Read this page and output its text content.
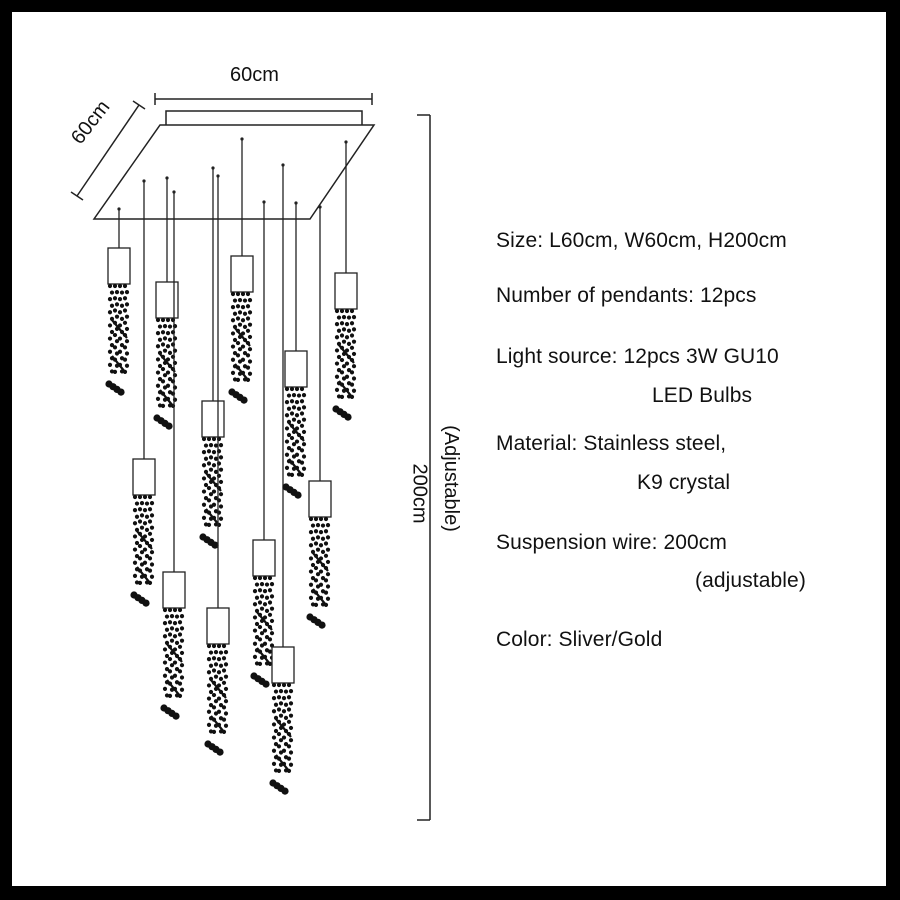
60cm
60cm
200cm (Adjustable)
Size: L60cm, W60cm, H200cm
Number of pendants: 12pcs
Light source: 12pcs 3W GU10
LED Bulbs
Material: Stainless steel,
K9 crystal
Suspension wire: 200cm
(adjustable)
Color: Sliver/Gold
